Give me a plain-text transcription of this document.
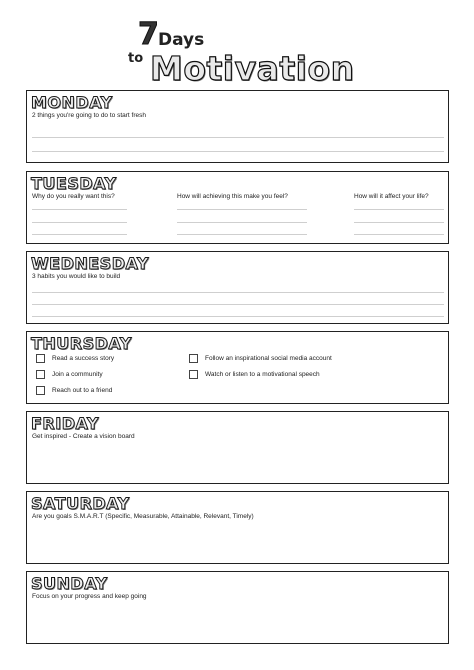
7 Days
to Motivation
MONDAY
2 things you're going to do to start fresh
TUESDAY
Why do you really want this?	How will achieving this make you feel?	How will it affect your life?
WEDNESDAY
3 habits you would like to build
THURSDAY
Read a success story
Join a community
Reach out to a friend
Follow an inspirational social media account
Watch or listen to a motivational speech
FRIDAY
Get inspired - Create a vision board
SATURDAY
Are you goals S.M.A.R.T (Specific, Measurable, Attainable, Relevant, Timely)
SUNDAY
Focus on your progress and keep going
